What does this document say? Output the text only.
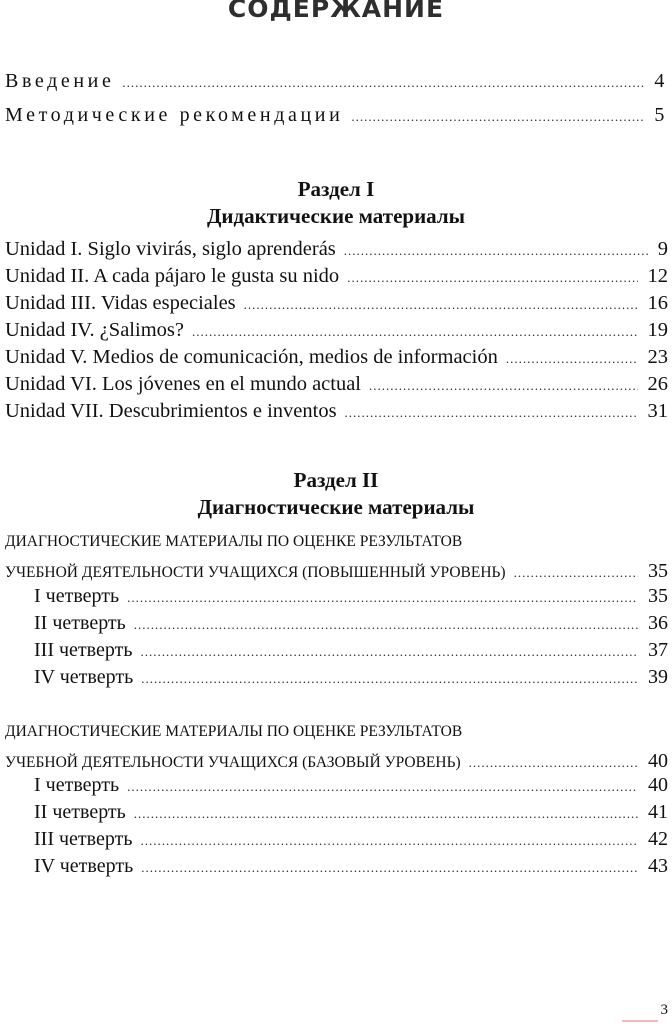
СОДЕРЖАНИЕ
Введение .....	4
Методические рекомендации .....	5
Раздел I
Дидактические материалы
Unidad I. Siglo vivirás, siglo aprenderás .....	9
Unidad II. A cada pájaro le gusta su nido .....	12
Unidad III. Vidas especiales .....	16
Unidad IV. ¿Salimos? .....	19
Unidad V. Medios de comunicación, medios de información .....	23
Unidad VI. Los jóvenes en el mundo actual .....	26
Unidad VII. Descubrimientos e inventos .....	31
Раздел II
Диагностические материалы
ДИАГНОСТИЧЕСКИЕ МАТЕРИАЛЫ ПО ОЦЕНКЕ РЕЗУЛЬТАТОВ
УЧЕБНОЙ ДЕЯТЕЛЬНОСТИ УЧАЩИХСЯ (ПОВЫШЕННЫЙ УРОВЕНЬ) .....	35
I четверть .....	35
II четверть .....	36
III четверть .....	37
IV четверть .....	39
ДИАГНОСТИЧЕСКИЕ МАТЕРИАЛЫ ПО ОЦЕНКЕ РЕЗУЛЬТАТОВ
УЧЕБНОЙ ДЕЯТЕЛЬНОСТИ УЧАЩИХСЯ (БАЗОВЫЙ УРОВЕНЬ) .....	40
I четверть .....	40
II четверть .....	41
III четверть .....	42
IV четверть .....	43
3
